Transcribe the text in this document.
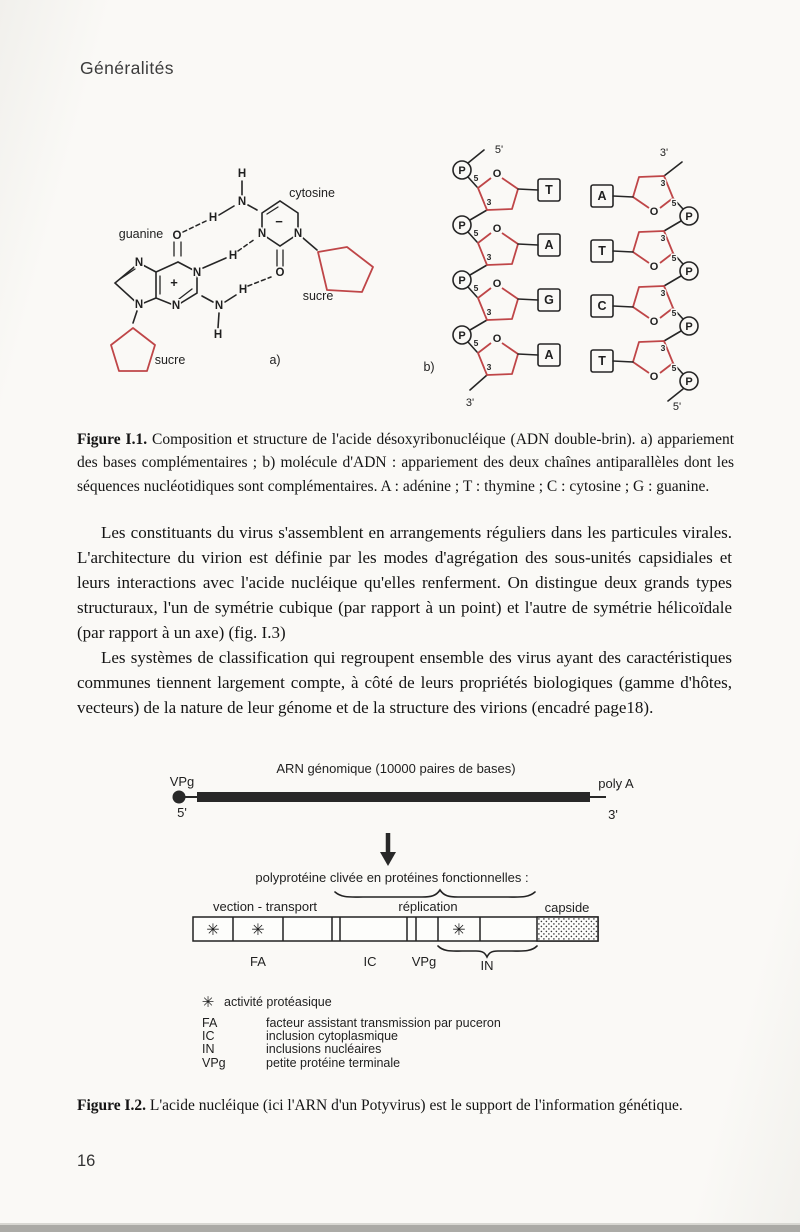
Généralités
O
N
N
N
N	N
H
H
H
+
guanine
sucre
H
N
N N
O
−
H
cytosine
sucre
a)
P
5 O
3
T
P
5 O
3
A
P
5 O
3
G
P
5 O
3
A
5'
3'
P
5
O
3
A
P
5
O
3
T
P
5
O
3
C
P
5
O
3
T
3'
5'
b)
Figure I.1. Composition et structure de l'acide désoxyribonucléique (ADN double-brin). a) appariement des bases complémentaires ; b) molécule d'ADN : appariement des deux chaînes antiparallèles dont les séquences nucléotidiques sont complémentaires. A : adénine ; T : thymine ; C : cytosine ; G : guanine.
Les constituants du virus s'assemblent en arrangements réguliers dans les particules virales. L'architecture du virion est définie par les modes d'agrégation des sous-unités capsidiales et leurs interactions avec l'acide nucléique qu'elles renferment. On distingue deux grands types structuraux, l'un de symétrie cubique (par rapport à un point) et l'autre de symétrie hélicoïdale (par rapport à un axe) (fig. I.3)
Les systèmes de classification qui regroupent ensemble des virus ayant des caractéristiques communes tiennent largement compte, à côté de leurs propriétés biologiques (gamme d'hôtes, vecteurs) de la nature de leur génome et de la structure des virions (encadré page18).
ARN génomique (10000 paires de bases)
VPg	poly A
5'	3'
polyprotéine clivée en protéines fonctionnelles :
vection - transport	réplication	capside
✳ ✳	✳
FA	IC	VPg	IN
✳ activité protéasique
FA	facteur assistant transmission par puceron
IC	inclusion cytoplasmique
IN	inclusions nucléaires
VPg	petite protéine terminale
Figure I.2. L'acide nucléique (ici l'ARN d'un Potyvirus) est le support de l'information génétique.
16
